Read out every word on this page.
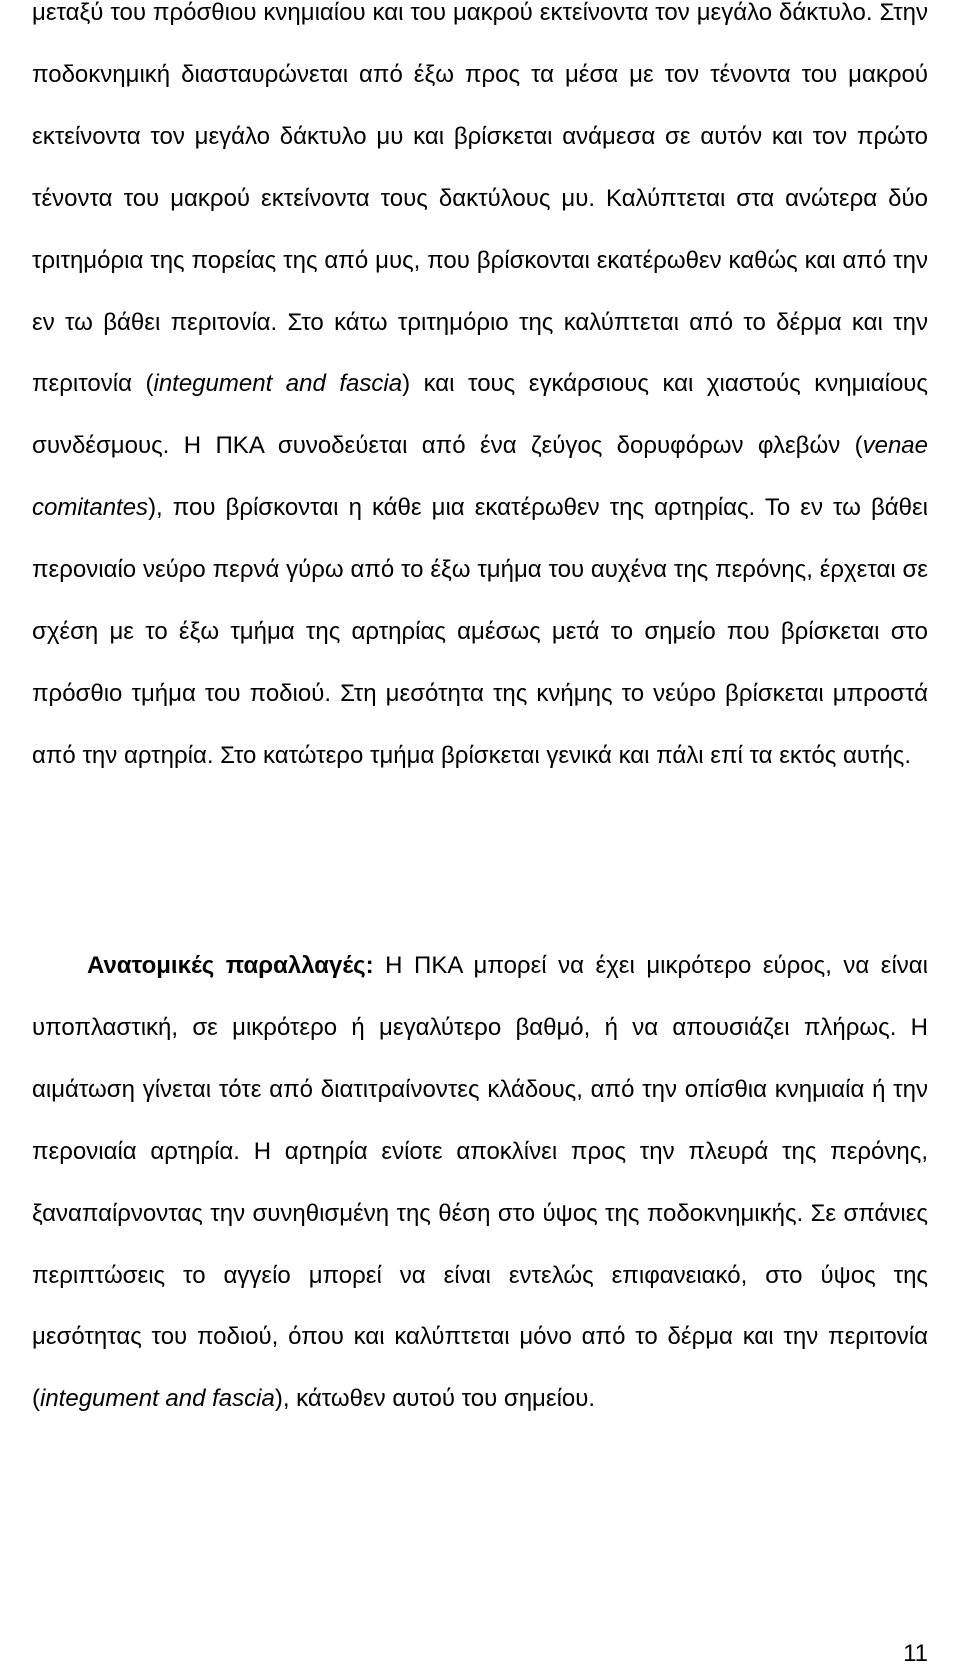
μεταξύ του πρόσθιου κνημιαίου και του μακρού εκτείνοντα τον μεγάλο δάκτυλο. Στην ποδοκνημική διασταυρώνεται από έξω προς τα μέσα με τον τένοντα του μακρού εκτείνοντα τον μεγάλο δάκτυλο μυ και βρίσκεται ανάμεσα σε αυτόν και τον πρώτο τένοντα του μακρού εκτείνοντα τους δακτύλους μυ. Καλύπτεται στα ανώτερα δύο τριτημόρια της πορείας της από μυς, που βρίσκονται εκατέρωθεν καθώς και από την εν τω βάθει περιτονία. Στο κάτω τριτημόριο της καλύπτεται από το δέρμα και την περιτονία (integument and fascia) και τους εγκάρσιους και χιαστούς κνημιαίους συνδέσμους. Η ΠΚΑ συνοδεύεται από ένα ζεύγος δορυφόρων φλεβών (venae comitantes), που βρίσκονται η κάθε μια εκατέρωθεν της αρτηρίας. Το εν τω βάθει περονιαίο νεύρο περνά γύρω από το έξω τμήμα του αυχένα της περόνης, έρχεται σε σχέση με το έξω τμήμα της αρτηρίας αμέσως μετά το σημείο που βρίσκεται στο πρόσθιο τμήμα του ποδιού. Στη μεσότητα της κνήμης το νεύρο βρίσκεται μπροστά από την αρτηρία. Στο κατώτερο τμήμα βρίσκεται γενικά και πάλι επί τα εκτός αυτής.

Ανατομικές παραλλαγές: Η ΠΚΑ μπορεί να έχει μικρότερο εύρος, να είναι υποπλαστική, σε μικρότερο ή μεγαλύτερο βαθμό, ή να απουσιάζει πλήρως. Η αιμάτωση γίνεται τότε από διατιτραίνοντες κλάδους, από την οπίσθια κνημιαία ή την περονιαία αρτηρία. Η αρτηρία ενίοτε αποκλίνει προς την πλευρά της περόνης, ξαναπαίρνοντας την συνηθισμένη της θέση στο ύψος της ποδοκνημικής. Σε σπάνιες περιπτώσεις το αγγείο μπορεί να είναι εντελώς επιφανειακό, στο ύψος της μεσότητας του ποδιού, όπου και καλύπτεται μόνο από το δέρμα και την περιτονία (integument and fascia), κάτωθεν αυτού του σημείου.

11
